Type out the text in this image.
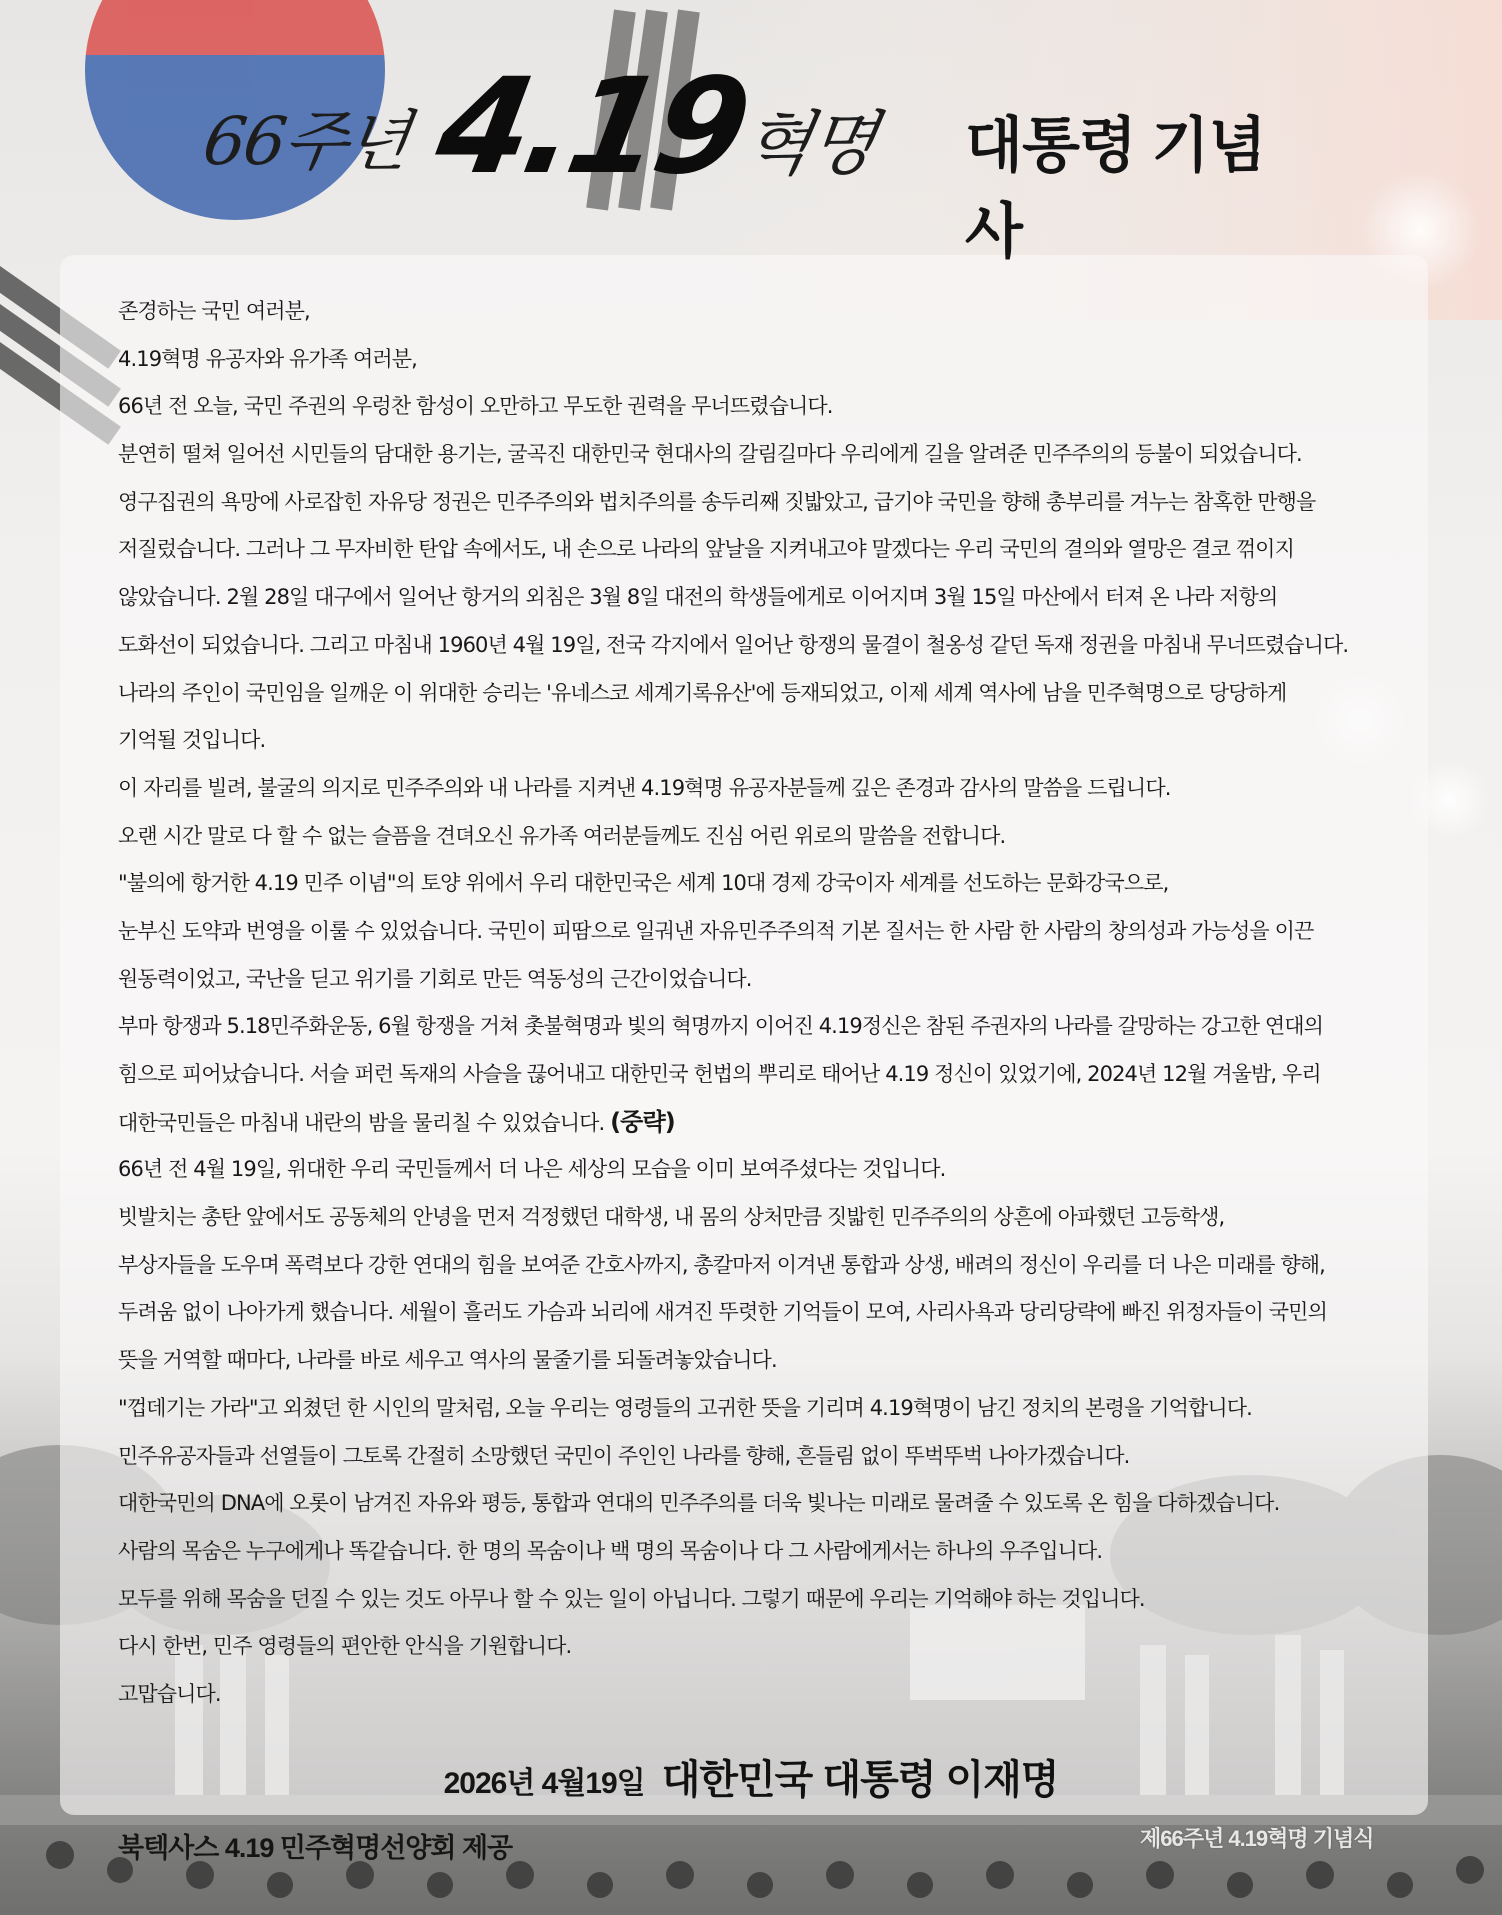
66주년 4.19
혁명 대통령 기념사
존경하는 국민 여러분,
4.19혁명 유공자와 유가족 여러분,
66년 전 오늘, 국민 주권의 우렁찬 함성이 오만하고 무도한 권력을 무너뜨렸습니다.
분연히 떨쳐 일어선 시민들의 담대한 용기는, 굴곡진 대한민국 현대사의 갈림길마다 우리에게 길을 알려준 민주주의의 등불이 되었습니다.
영구집권의 욕망에 사로잡힌 자유당 정권은 민주주의와 법치주의를 송두리째 짓밟았고, 급기야 국민을 향해 총부리를 겨누는 참혹한 만행을
저질렀습니다. 그러나 그 무자비한 탄압 속에서도, 내 손으로 나라의 앞날을 지켜내고야 말겠다는 우리 국민의 결의와 열망은 결코 꺾이지
않았습니다. 2월 28일 대구에서 일어난 항거의 외침은 3월 8일 대전의 학생들에게로 이어지며 3월 15일 마산에서 터져 온 나라 저항의
도화선이 되었습니다. 그리고 마침내 1960년 4월 19일, 전국 각지에서 일어난 항쟁의 물결이 철옹성 같던 독재 정권을 마침내 무너뜨렸습니다.
나라의 주인이 국민임을 일깨운 이 위대한 승리는 '유네스코 세계기록유산'에 등재되었고, 이제 세계 역사에 남을 민주혁명으로 당당하게
기억될 것입니다.
이 자리를 빌려, 불굴의 의지로 민주주의와 내 나라를 지켜낸 4.19혁명 유공자분들께 깊은 존경과 감사의 말씀을 드립니다.
오랜 시간 말로 다 할 수 없는 슬픔을 견뎌오신 유가족 여러분들께도 진심 어린 위로의 말씀을 전합니다.
"불의에 항거한 4.19 민주 이념"의 토양 위에서 우리 대한민국은 세계 10대 경제 강국이자 세계를 선도하는 문화강국으로,
눈부신 도약과 번영을 이룰 수 있었습니다. 국민이 피땀으로 일궈낸 자유민주주의적 기본 질서는 한 사람 한 사람의 창의성과 가능성을 이끈
원동력이었고, 국난을 딛고 위기를 기회로 만든 역동성의 근간이었습니다.
부마 항쟁과 5.18민주화운동, 6월 항쟁을 거쳐 촛불혁명과 빛의 혁명까지 이어진 4.19정신은 참된 주권자의 나라를 갈망하는 강고한 연대의
힘으로 피어났습니다. 서슬 퍼런 독재의 사슬을 끊어내고 대한민국 헌법의 뿌리로 태어난 4.19 정신이 있었기에, 2024년 12월 겨울밤, 우리
대한국민들은 마침내 내란의 밤을 물리칠 수 있었습니다. (중략)
66년 전 4월 19일, 위대한 우리 국민들께서 더 나은 세상의 모습을 이미 보여주셨다는 것입니다.
빗발치는 총탄 앞에서도 공동체의 안녕을 먼저 걱정했던 대학생, 내 몸의 상처만큼 짓밟힌 민주주의의 상흔에 아파했던 고등학생,
부상자들을 도우며 폭력보다 강한 연대의 힘을 보여준 간호사까지, 총칼마저 이겨낸 통합과 상생, 배려의 정신이 우리를 더 나은 미래를 향해,
두려움 없이 나아가게 했습니다. 세월이 흘러도 가슴과 뇌리에 새겨진 뚜렷한 기억들이 모여, 사리사욕과 당리당략에 빠진 위정자들이 국민의
뜻을 거역할 때마다, 나라를 바로 세우고 역사의 물줄기를 되돌려놓았습니다.
"껍데기는 가라"고 외쳤던 한 시인의 말처럼, 오늘 우리는 영령들의 고귀한 뜻을 기리며 4.19혁명이 남긴 정치의 본령을 기억합니다.
민주유공자들과 선열들이 그토록 간절히 소망했던 국민이 주인인 나라를 향해, 흔들림 없이 뚜벅뚜벅 나아가겠습니다.
대한국민의 DNA에 오롯이 남겨진 자유와 평등, 통합과 연대의 민주주의를 더욱 빛나는 미래로 물려줄 수 있도록 온 힘을 다하겠습니다.
사람의 목숨은 누구에게나 똑같습니다. 한 명의 목숨이나 백 명의 목숨이나 다 그 사람에게서는 하나의 우주입니다.
모두를 위해 목숨을 던질 수 있는 것도 아무나 할 수 있는 일이 아닙니다. 그렇기 때문에 우리는 기억해야 하는 것입니다.
다시 한번, 민주 영령들의 편안한 안식을 기원합니다.
고맙습니다.
2026년 4월19일 대한민국 대통령 이재명
북텍사스 4.19 민주혁명선양회 제공	제66주년 4.19혁명 기념식
